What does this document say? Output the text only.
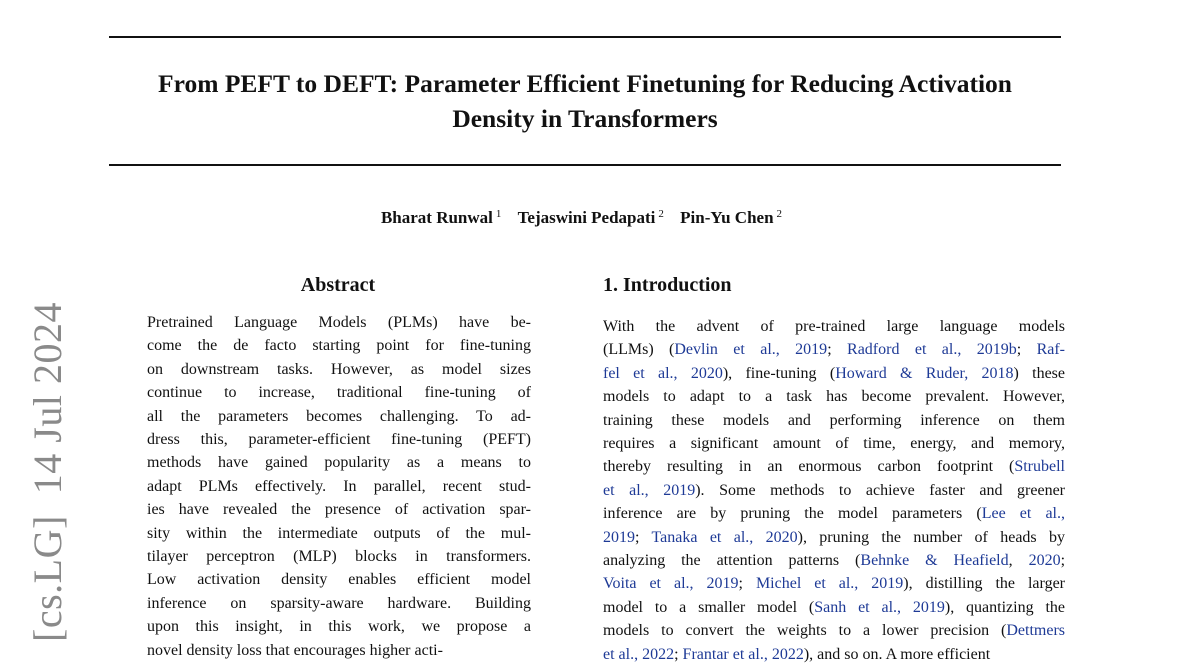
From PEFT to DEFT: Parameter Efficient Finetuning for Reducing Activation
Density in Transformers
Bharat Runwal $^1$ Tejaswini Pedapati $^2$ Pin-Yu Chen $^2$
[cs.LG]  14 Jul 2024
Abstract
Pretrained Language Models (PLMs) have be-
come the de facto starting point for fine-tuning
on downstream tasks. However, as model sizes
continue to increase, traditional fine-tuning of
all the parameters becomes challenging. To ad-
dress this, parameter-efficient fine-tuning (PEFT)
methods have gained popularity as a means to
adapt PLMs effectively. In parallel, recent stud-
ies have revealed the presence of activation spar-
sity within the intermediate outputs of the mul-
tilayer perceptron (MLP) blocks in transformers.
Low activation density enables efficient model
inference on sparsity-aware hardware. Building
upon this insight, in this work, we propose a
novel density loss that encourages higher acti-
1. Introduction
With the advent of pre-trained large language models
(LLMs) (Devlin et al., 2019; Radford et al., 2019b; Raf-
fel et al., 2020), fine-tuning (Howard & Ruder, 2018) these
models to adapt to a task has become prevalent. However,
training these models and performing inference on them
requires a significant amount of time, energy, and memory,
thereby resulting in an enormous carbon footprint (Strubell
et al., 2019). Some methods to achieve faster and greener
inference are by pruning the model parameters (Lee et al.,
2019; Tanaka et al., 2020), pruning the number of heads by
analyzing the attention patterns (Behnke & Heafield, 2020;
Voita et al., 2019; Michel et al., 2019), distilling the larger
model to a smaller model (Sanh et al., 2019), quantizing the
models to convert the weights to a lower precision (Dettmers
et al., 2022; Frantar et al., 2022), and so on. A more efficient
